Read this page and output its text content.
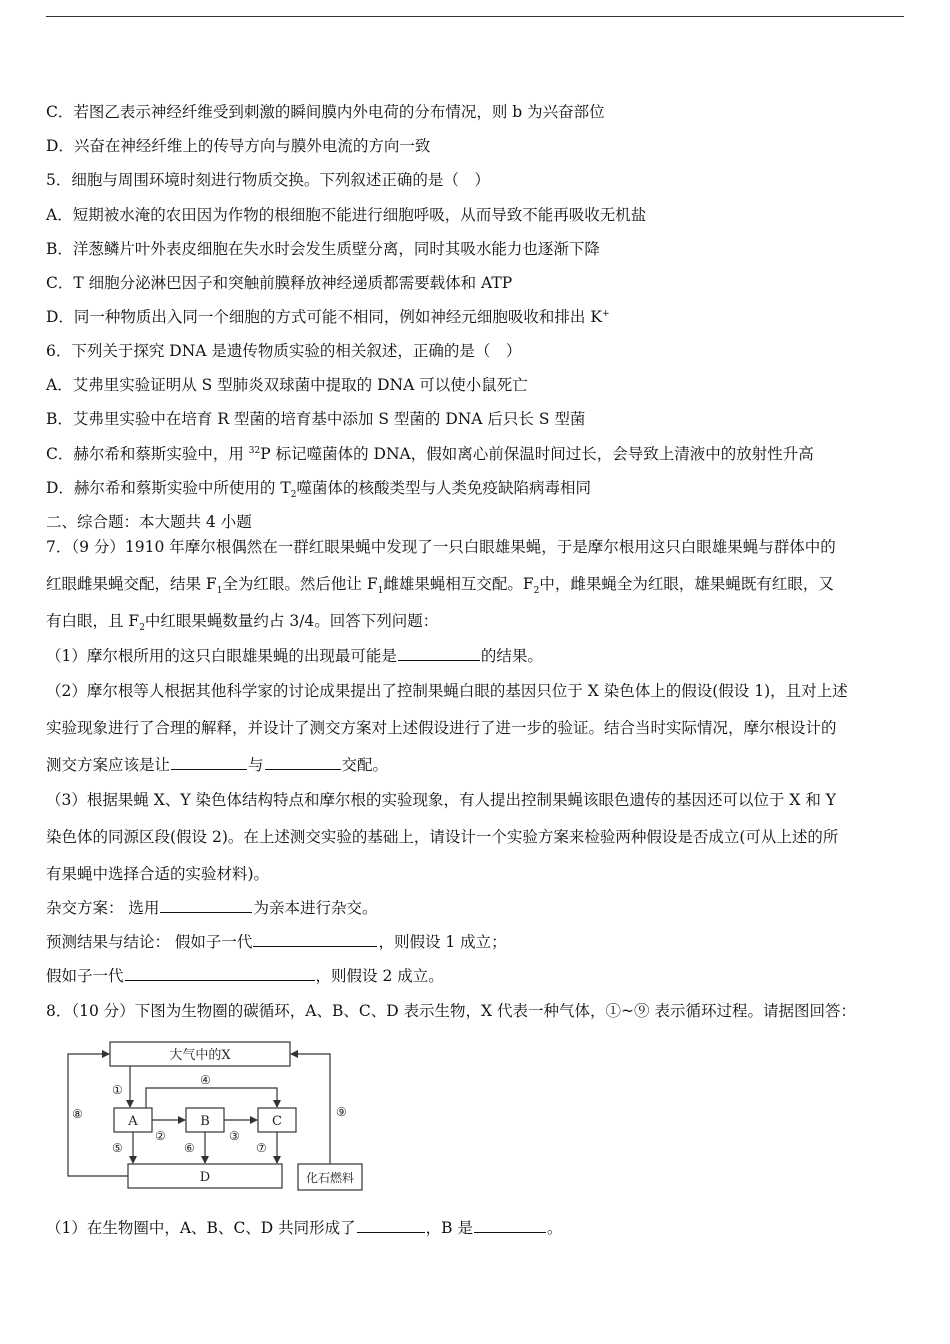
C．若图乙表示神经纤维受到刺激的瞬间膜内外电荷的分布情况，则 b 为兴奋部位
D．兴奋在神经纤维上的传导方向与膜外电流的方向一致
5．细胞与周围环境时刻进行物质交换。下列叙述正确的是（　）
A．短期被水淹的农田因为作物的根细胞不能进行细胞呼吸，从而导致不能再吸收无机盐
B．洋葱鳞片叶外表皮细胞在失水时会发生质壁分离，同时其吸水能力也逐渐下降
C．T 细胞分泌淋巴因子和突触前膜释放神经递质都需要载体和 ATP
D．同一种物质出入同一个细胞的方式可能不相同，例如神经元细胞吸收和排出 K+
6．下列关于探究 DNA 是遗传物质实验的相关叙述，正确的是（　）
A．艾弗里实验证明从 S 型肺炎双球菌中提取的 DNA 可以使小鼠死亡
B．艾弗里实验中在培育 R 型菌的培育基中添加 S 型菌的 DNA 后只长 S 型菌
C．赫尔希和蔡斯实验中，用 $^{32}$P 标记噬菌体的 DNA，假如离心前保温时间过长，会导致上清液中的放射性升高
D．赫尔希和蔡斯实验中所使用的 $T_2$噬菌体的核酸类型与人类免疫缺陷病毒相同
二、综合题：本大题共 4 小题
7．（9 分）1910 年摩尔根偶然在一群红眼果蝇中发现了一只白眼雄果蝇，于是摩尔根用这只白眼雄果蝇与群体中的
红眼雌果蝇交配，结果 $F_1$全为红眼。然后他让 $F_1$雌雄果蝇相互交配。$F_2$中，雌果蝇全为红眼，雄果蝇既有红眼，又
有白眼，且 $F_2$中红眼果蝇数量约占 3/4。回答下列问题：
（1）摩尔根所用的这只白眼雄果蝇的出现最可能是	的结果。
（2）摩尔根等人根据其他科学家的讨论成果提出了控制果蝇白眼的基因只位于 X 染色体上的假设(假设 1)，且对上述
实验现象进行了合理的解释，并设计了测交方案对上述假设进行了进一步的验证。结合当时实际情况，摩尔根设计的
测交方案应该是让	与	交配。
（3）根据果蝇 X、Y 染色体结构特点和摩尔根的实验现象，有人提出控制果蝇该眼色遗传的基因还可以位于 X 和 Y
染色体的同源区段(假设 2)。在上述测交实验的基础上，请设计一个实验方案来检验两种假设是否成立(可从上述的所
有果蝇中选择合适的实验材料)。
杂交方案： 选用	为亲本进行杂交。
预测结果与结论： 假如子一代	，则假设 1 成立；
假如子一代	，则假设 2 成立。
8．（10 分）下图为生物圈的碳循环，A、B、C、D 表示生物，X 代表一种气体，①~⑨ 表示循环过程。请据图回答：
大气中的X
A	B	C
D	化石燃料
①
④
②	③
⑤	⑥	⑦
⑧	⑨
（1）在生物圈中，A、B、C、D 共同形成了	，B 是	。
